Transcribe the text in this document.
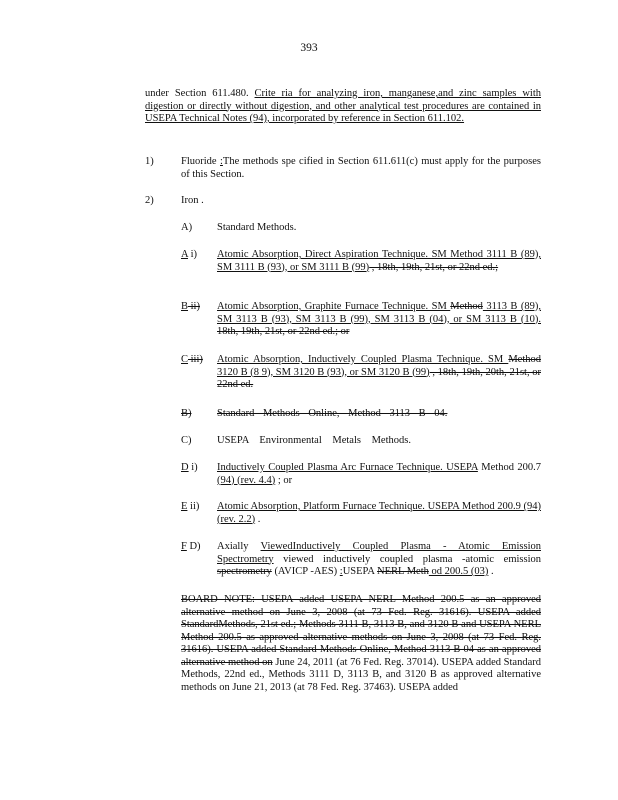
393
under Section 611.480. Crite ria for analyzing iron, manganese,and zinc samples with digestion or directly without digestion, and other analytical test procedures are contained in USEPA Technical Notes (94), incorporated by reference in Section 611.102.
1)	Fluoride :The methods spe cified in Section 611.611(c) must apply for the purposes of this Section.
2)	Iron .
A) Standard Methods.
A i) Atomic Absorption, Direct Aspiration Technique. SM Method 3111 B (89), SM 3111 B (93), or SM 3111 B (99) , 18th, 19th, 21st, or 22nd ed.;
B ii) Atomic Absorption, Graphite Furnace Technique. SM Method 3113 B (89), SM 3113 B (93), SM 3113 B (99), SM 3113 B (04), or SM 3113 B (10). 18th, 19th, 21st, or 22nd ed.; or
C iii) Atomic Absorption, Inductively Coupled Plasma Technique. SM Method 3120 B (8 9), SM 3120 B (93), or SM 3120 B (99) , 18th, 19th, 20th, 21st, or 22nd ed.
B) Standard Methods Online, Method 3113 B 04.
C) USEPA Environmental Metals Methods.
D i) Inductively Coupled Plasma Arc Furnace Technique. USEPA Method 200.7 (94) (rev. 4.4) ; or
E ii) Atomic Absorption, Platform Furnace Technique. USEPA Method 200.9 (94) (rev. 2.2) .
F D) Axially ViewedInductively Coupled Plasma - Atomic Emission Spectrometry viewed inductively coupled plasma -atomic emission spectrometry (AVICP -AES) :USEPA NERL Meth od 200.5 (03) .
BOARD NOTE: USEPA added USEPA NERL Method 200.5 as an approved alternative method on June 3, 2008 (at 73 Fed. Reg. 31616). USEPA added StandardMethods, 21st ed.; Methods 3111 B, 3113 B, and 3120 B and USEPA NERL Method 200.5 as approved alternative methods on June 3, 2008 (at 73 Fed. Reg. 31616). USEPA added Standard Methods Online, Method 3113 B 04 as an approved alternative method on June 24, 2011 (at 76 Fed. Reg. 37014). USEPA added Standard Methods, 22nd ed., Methods 3111 D, 3113 B, and 3120 B as approved alternative methods on June 21, 2013 (at 78 Fed. Reg. 37463). USEPA added
